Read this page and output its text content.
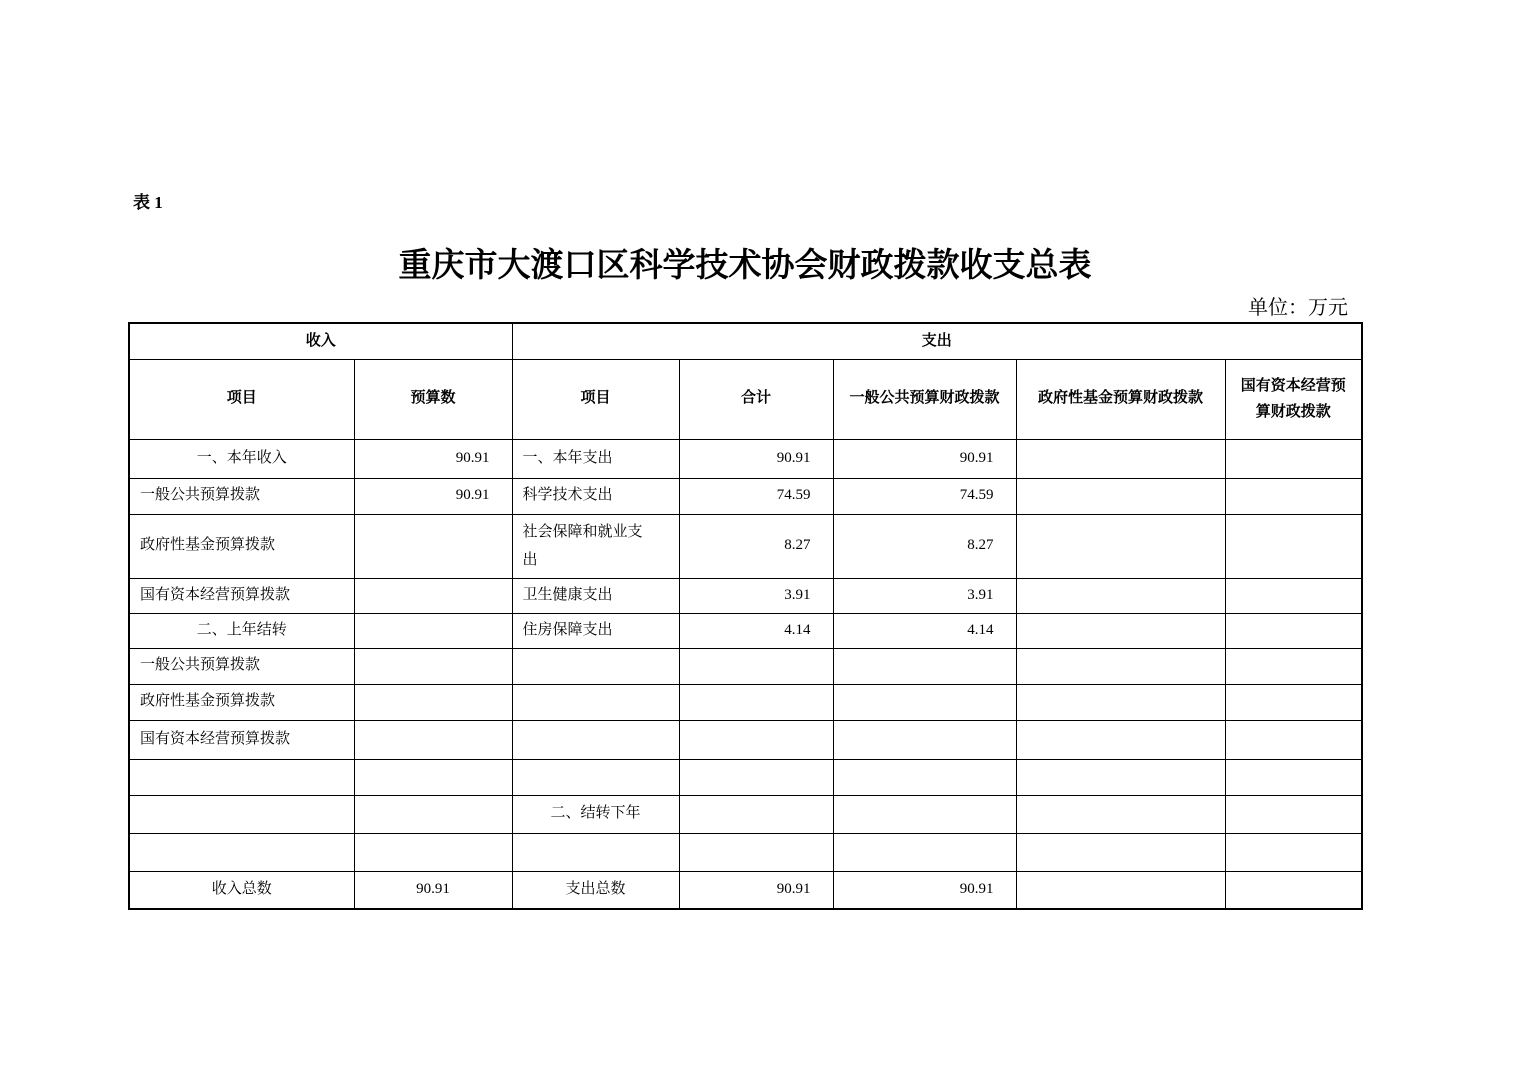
表 1
重庆市大渡口区科学技术协会财政拨款收支总表
单位：万元
收入		支出				
项目	预算数	项目	合计	一般公共预算财政拨款	政府性基金预算财政拨款	国有资本经营预算财政拨款
一、本年收入	90.91	一、本年支出	90.91	90.91		
一般公共预算拨款	90.91	科学技术支出	74.59	74.59		
政府性基金预算拨款		社会保障和就业支出	8.27	8.27		
国有资本经营预算拨款		卫生健康支出	3.91	3.91		
二、上年结转		住房保障支出	4.14	4.14		
一般公共预算拨款						
政府性基金预算拨款						
国有资本经营预算拨款						

		二、结转下年				

收入总数	90.91	支出总数	90.91	90.91		
